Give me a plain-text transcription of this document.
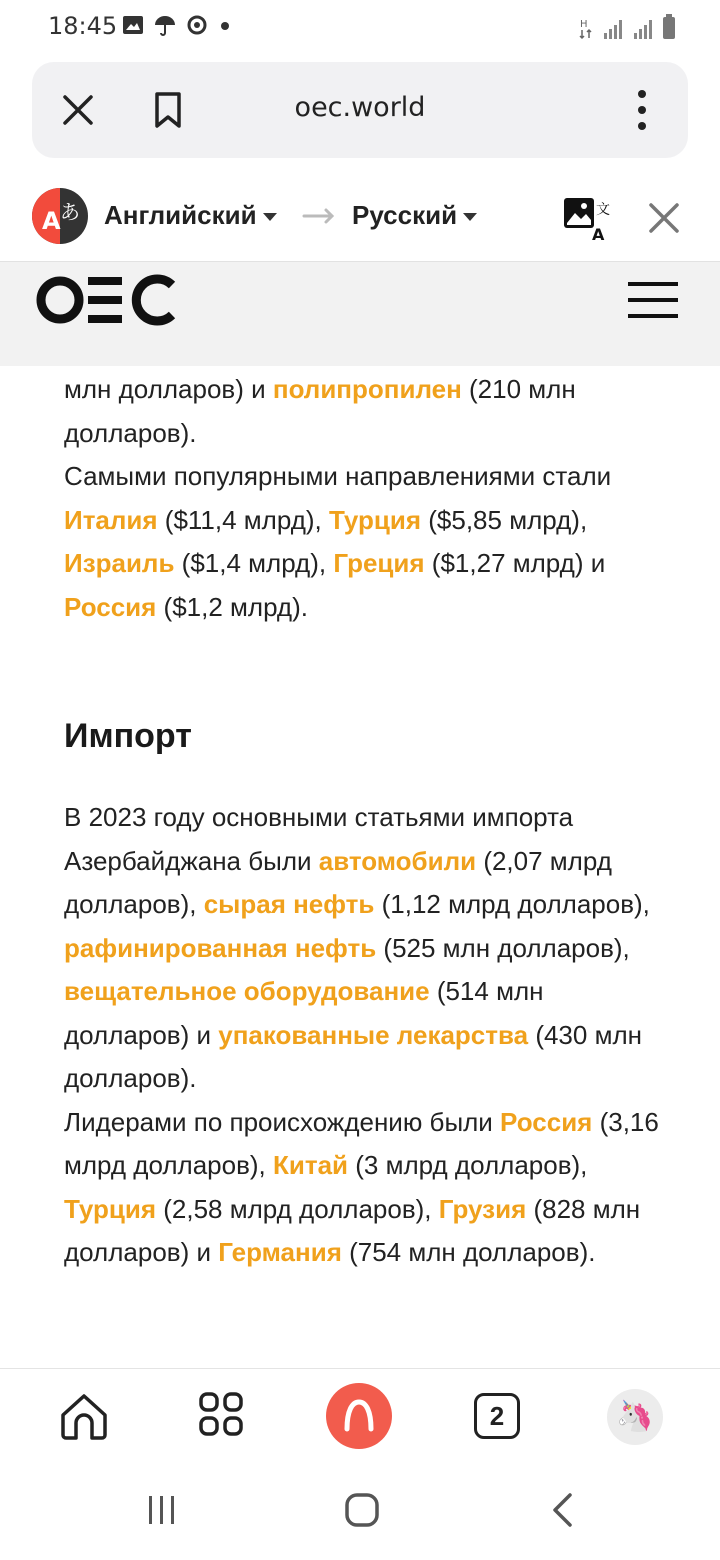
18:45	H
oec.world
A あ Английский	Русский
A
文

млн долларов) и полипропилен (210 млн долларов).
Самыми популярными направлениями стали Италия ($11,4 млрд), Турция ($5,85 млрд), Израиль ($1,4 млрд), Греция ($1,27 млрд) и Россия ($1,2 млрд).

Импорт

В 2023 году основными статьями импорта Азербайджана были автомобили (2,07 млрд долларов), сырая нефть (1,12 млрд долларов), рафинированная нефть (525 млн долларов), вещательное оборудование (514 млн долларов) и упакованные лекарства (430 млн долларов).
Лидерами по происхождению были Россия (3,16 млрд долларов), Китай (3 млрд долларов), Турция (2,58 млрд долларов), Грузия (828 млн долларов) и Германия (754 млн долларов).

2	🦄
